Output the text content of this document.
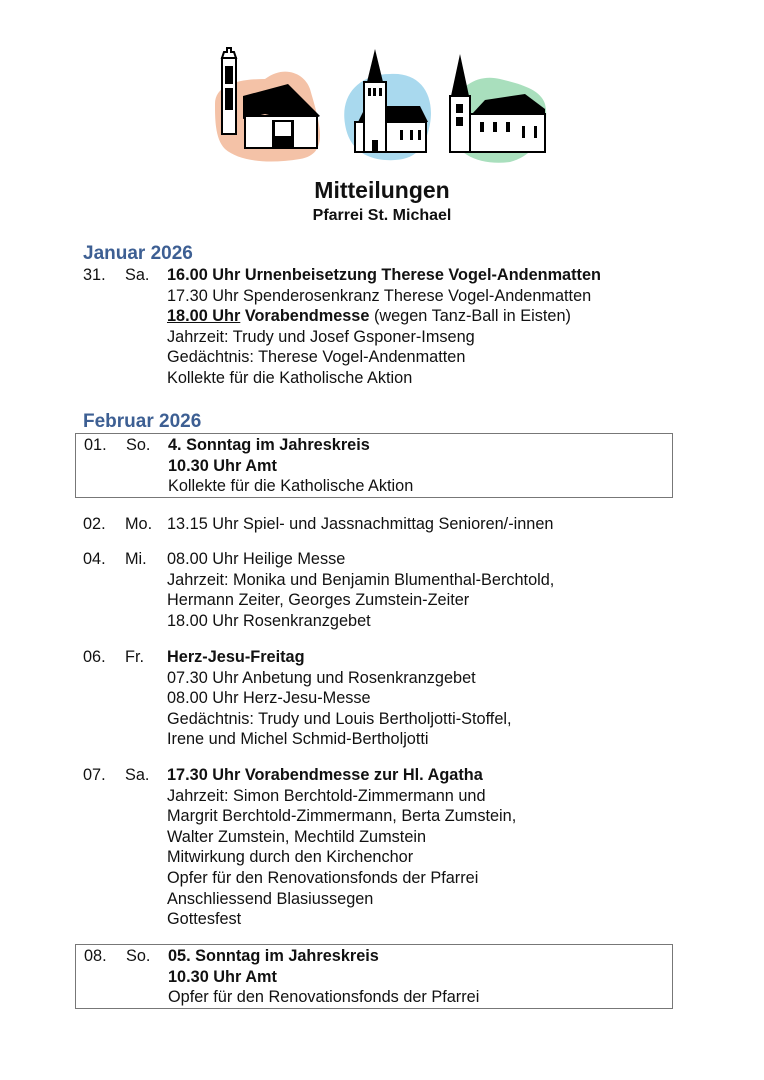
Mitteilungen
Pfarrei St. Michael
Januar 2026
31.	Sa.	16.00 Uhr Urnenbeisetzung Therese Vogel-Andenmatten
17.30 Uhr Spenderosenkranz Therese Vogel-Andenmatten
18.00 Uhr Vorabendmesse (wegen Tanz-Ball in Eisten)
Jahrzeit: Trudy und Josef Gsponer-Imseng
Gedächtnis: Therese Vogel-Andenmatten
Kollekte für die Katholische Aktion
Februar 2026
01.	So.	4. Sonntag im Jahreskreis
10.30 Uhr Amt
Kollekte für die Katholische Aktion
02.	Mo. 13.15 Uhr Spiel- und Jassnachmittag Senioren/-innen
04.	Mi.	08.00 Uhr Heilige Messe
Jahrzeit: Monika und Benjamin Blumenthal-Berchtold,
Hermann Zeiter, Georges Zumstein-Zeiter
18.00 Uhr Rosenkranzgebet
06.	Fr.	Herz-Jesu-Freitag
07.30 Uhr Anbetung und Rosenkranzgebet
08.00 Uhr Herz-Jesu-Messe
Gedächtnis: Trudy und Louis Bertholjotti-Stoffel,
Irene und Michel Schmid-Bertholjotti
07.	Sa.	17.30 Uhr Vorabendmesse zur Hl. Agatha
Jahrzeit: Simon Berchtold-Zimmermann und
Margrit Berchtold-Zimmermann, Berta Zumstein,
Walter Zumstein, Mechtild Zumstein
Mitwirkung durch den Kirchenchor
Opfer für den Renovationsfonds der Pfarrei
Anschliessend Blasiussegen
Gottesfest
08.	So.	05. Sonntag im Jahreskreis
10.30 Uhr Amt
Opfer für den Renovationsfonds der Pfarrei
